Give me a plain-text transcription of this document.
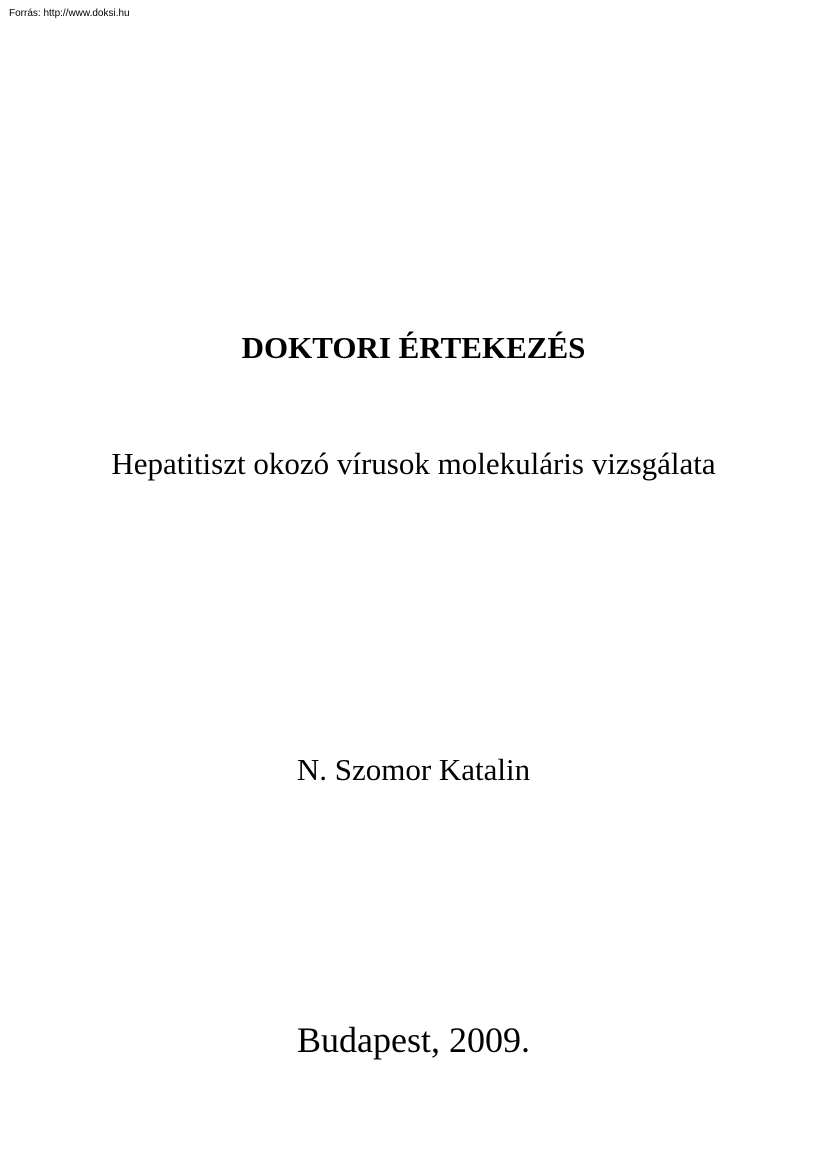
Forrás: http://www.doksi.hu
DOKTORI ÉRTEKEZÉS
Hepatitiszt okozó vírusok molekuláris vizsgálata
N. Szomor Katalin
Budapest, 2009.
